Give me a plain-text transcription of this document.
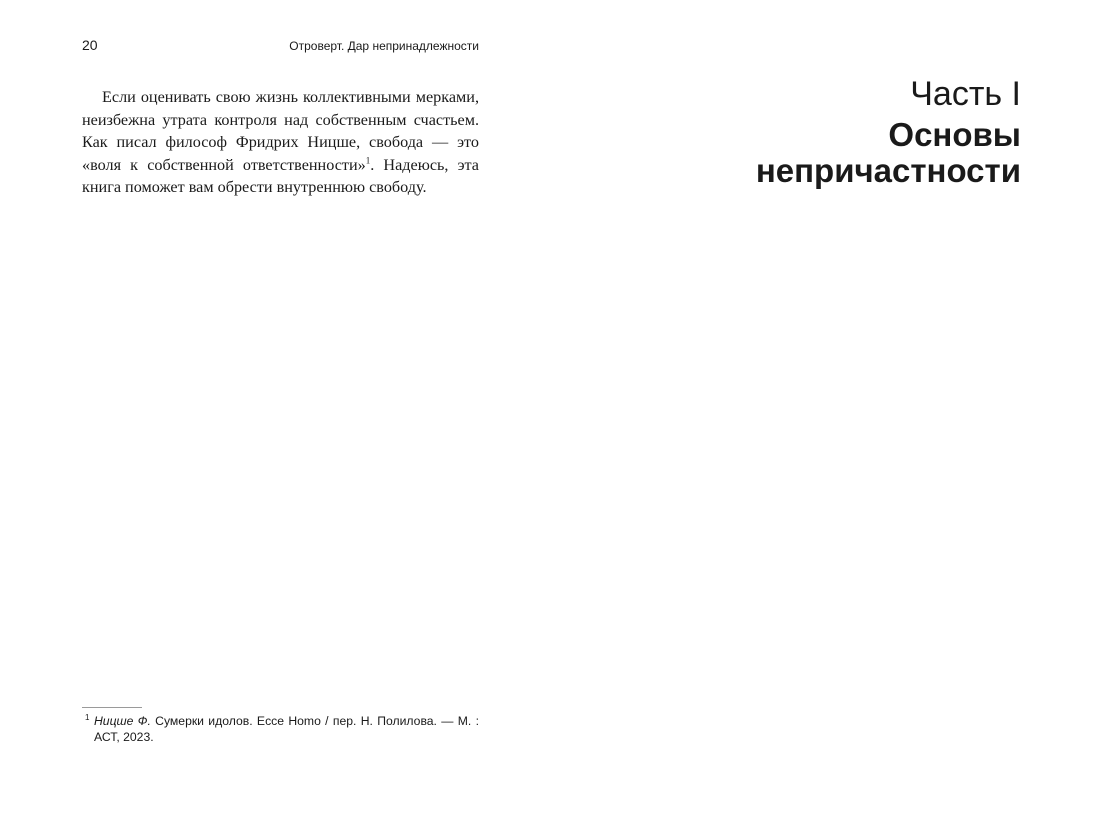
20	Отроверт. Дар непринадлежности

Если оценивать свою жизнь коллективными мерками, неизбежна утрата контроля над собственным счастьем. Как писал философ Фридрих Ницше, свобода — это «воля к собственной ответственности»$^1$. Надеюсь, эта книга поможет вам обрести внутреннюю свободу.

1 Ницше Ф. Сумерки идолов. Ecce Homo / пер. Н. Полилова. — М. : АСТ, 2023.

Часть I
Основы
непричастности
